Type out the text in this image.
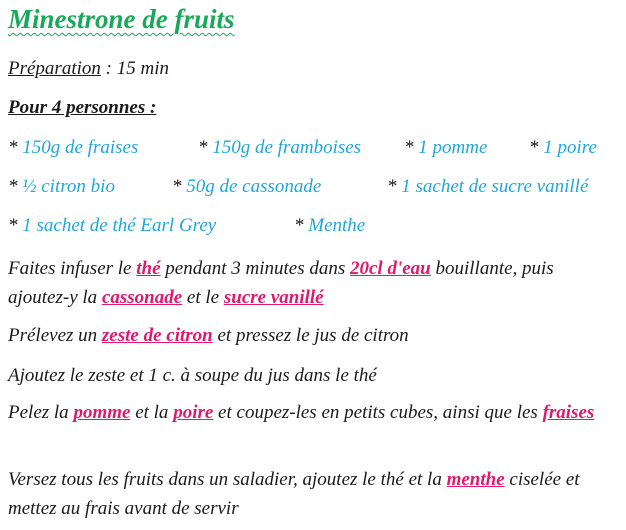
Minestrone de fruits
Préparation : 15 min
Pour 4 personnes :
* 150g de fraises	* 150g de framboises * 1 pomme * 1 poire
* ½ citron bio	* 50g de cassonade	* 1 sachet de sucre vanillé
* 1 sachet de thé Earl Grey	* Menthe
Faites infuser le thé pendant 3 minutes dans 20cl d'eau bouillante, puis ajoutez-y la cassonade et le sucre vanillé
Prélevez un zeste de citron et pressez le jus de citron
Ajoutez le zeste et 1 c. à soupe du jus dans le thé
Pelez la pomme et la poire et coupez-les en petits cubes, ainsi que les fraises
Versez tous les fruits dans un saladier, ajoutez le thé et la menthe ciselée et mettez au frais avant de servir
